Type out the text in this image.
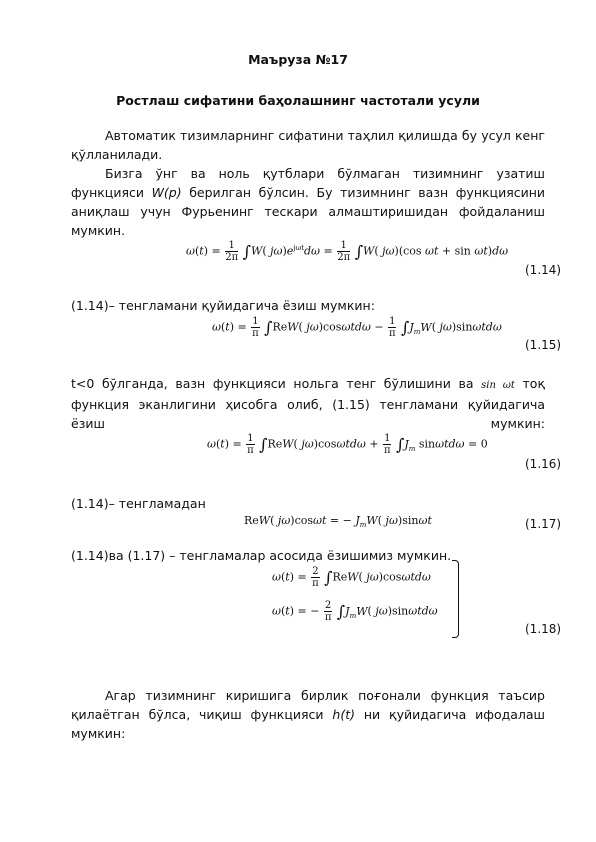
Маъруза №17
Ростлаш сифатини баҳолашнинг частотали усули
Автоматик тизимларнинг сифатини таҳлил қилишда бу усул кенг қўлланилади.
Бизга ўнг ва ноль қутблари бўлмаган тизимнинг узатиш функцияси W(p) берилган бўлсин. Бу тизимнинг вазн функциясини аниқлаш учун Фурьенинг тескари алмаштиришидан фойдаланиш мумкин.
$\omega(t) = \frac{1}{2\pi} \int W$( $j\omega)e^{j\omega t}d\omega = \frac{1}{2\pi} \int W$( jω)(cos ωt + sin ωt)dω
(1.14)
(1.14)– тенгламани қуйидагича ёзиш мумкин:
$\omega(t) = \frac{1}{\pi} \int ReW$( $j\omega)\cos\omega td\omega - \frac{1}{\pi} \int J_mW$( jω)sinωtdω
(1.15)
t<0 бўлганда, вазн функцияси нольга тенг бўлишини ва sin ωt тоқ функция эканлигини ҳисобга олиб, (1.15) тенгламани қуйидагича ёзиш мумкин:
$\omega(t) = \frac{1}{\pi} \int ReW$( $j\omega)\cos\omega td\omega + \frac{1}{\pi} \int J_m$ sinωtdω = 0
(1.16)
(1.14)– тенгламадан
ReW( jω)cosωt = − $J_mW$( jω)sinωt	(1.17)
(1.14)ва (1.17) – тенгламалар асосида ёзишимиз мумкин.
$\omega(t) = \frac{2}{\pi} \int ReW$( jω)cosωtdω
ω(t) = − $\frac{2}{\pi} \int J_mW$( jω)sinωtdω
(1.18)
Агар тизимнинг киришига бирлик поғонали функция таъсир қилаётган бўлса, чиқиш функцияси h(t) ни қуйидагича ифодалаш мумкин:
